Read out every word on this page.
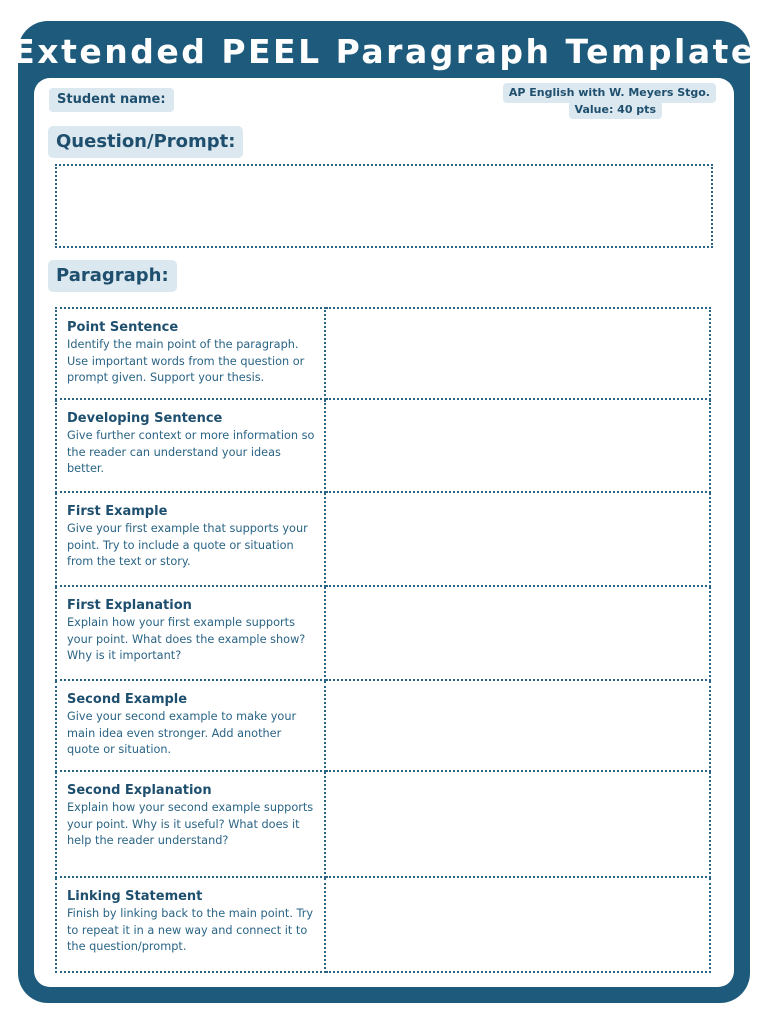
Extended PEEL Paragraph Template
Student name:	AP English with W. Meyers Stgo.
Value: 40 pts
Question/Prompt:
Paragraph:
Point Sentence
Identify the main point of the paragraph. Use important words from the question or prompt given. Support your thesis.	

Developing Sentence
Give further context or more information so the reader can understand your ideas better.	

First Example
Give your first example that supports your point. Try to include a quote or situation from the text or story.	

First Explanation
Explain how your first example supports your point. What does the example show? Why is it important?	

Second Example
Give your second example to make your main idea even stronger. Add another quote or situation.	

Second Explanation
Explain how your second example supports your point. Why is it useful? What does it help the reader understand?	

Linking Statement
Finish by linking back to the main point. Try to repeat it in a new way and connect it to the question/prompt.	
